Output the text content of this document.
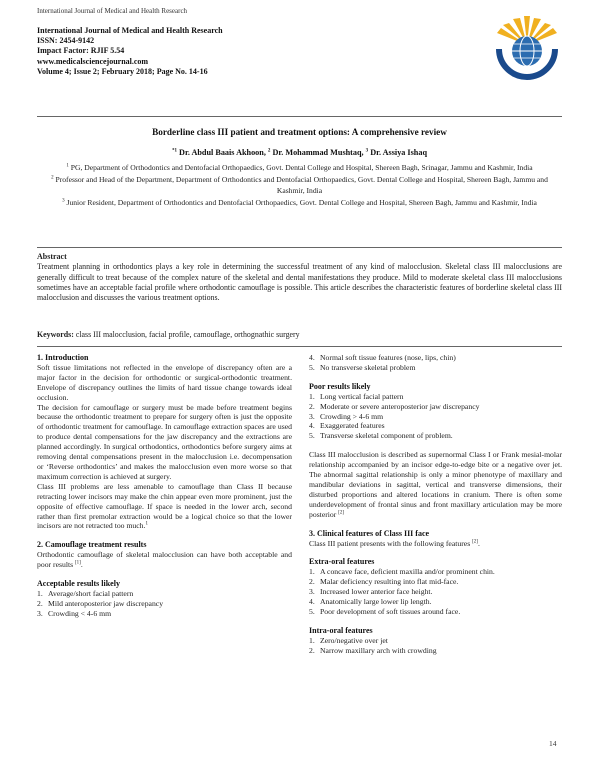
International Journal of Medical and Health Research
International Journal of Medical and Health Research
ISSN: 2454-9142
Impact Factor: RJIF 5.54
www.medicalsciencejournal.com
Volume 4; Issue 2; February 2018; Page No. 14-16
Borderline class III patient and treatment options: A comprehensive review
$^{*1}$ Dr. Abdul Baais Akhoon, $^2$ Dr. Mohammad Mushtaq, $^3$ Dr. Assiya Ishaq

$^1$ PG, Department of Orthodontics and Dentofacial Orthopaedics, Govt. Dental College and Hospital, Shereen Bagh, Srinagar, Jammu and Kashmir, India

$^2$ Professor and Head of the Department, Department of Orthodontics and Dentofacial Orthopaedics, Govt. Dental College and Hospital, Shereen Bagh, Jammu and Kashmir, India

$^3$ Junior Resident, Department of Orthodontics and Dentofacial Orthopaedics, Govt. Dental College and Hospital, Shereen Bagh, Jammu and Kashmir, India

Abstract

Treatment planning in orthodontics plays a key role in determining the successful treatment of any kind of malocclusion. Skeletal class III malocclusions are generally difficult to treat because of the complex nature of the skeletal and dental manifestations they produce. Mild to moderate skeletal class III malocclusions sometimes have an acceptable facial profile where orthodontic camouflage is possible. This article describes the characteristic features of borderline skeletal class III malocclusion and discusses the various treatment options.

Keywords: class III malocclusion, facial profile, camouflage, orthognathic surgery
1. Introduction

Soft tissue limitations not reflected in the envelope of discrepancy often are a major factor in the decision for orthodontic or surgical-orthodontic treatment. Envelope of discrepancy outlines the limits of hard tissue change towards ideal occlusion.

The decision for camouflage or surgery must be made before treatment begins because the orthodontic treatment to prepare for surgery often is just the opposite of orthodontic treatment for camouflage. In camouflage extraction spaces are used to produce dental compensations for the jaw discrepancy and the extractions are planned accordingly. In surgical orthodontics, orthodontics before surgery aims at removing dental compensations present in the malocclusion i.e. decompensation or ‘Reverse orthodontics’ and makes the malocclusion even more worse so that maximum correction is achieved at surgery.

Class III problems are less amenable to camouflage than Class II because retracting lower incisors may make the chin appear even more prominent, just the opposite of effective camouflage. If space is needed in the lower arch, second rather than first premolar extraction would be a logical choice so that the lower incisors are not retracted too much.$^1$

2. Camouflage treatment results

Orthodontic camouflage of skeletal malocclusion can have both acceptable and poor results [1].

Acceptable results likely
1. Average/short facial pattern
2. Mild anteroposterior jaw discrepancy
3. Crowding < 4-6 mm
4. Normal soft tissue features (nose, lips, chin)
5. No transverse skeletal problem
Poor results likely
1. Long vertical facial pattern
2. Moderate or severe anteroposterior jaw discrepancy
3. Crowding > 4-6 mm
4. Exaggerated features
5. Transverse skeletal component of problem.

Class III malocclusion is described as supernormal Class I or Frank mesial-molar relationship accompanied by an incisor edge-to-edge bite or a negative over jet. The abnormal sagittal relationship is only a minor phenotype of maxillary and mandibular deviations in sagittal, vertical and transverse dimensions, their disturbed proportions and altered locations in cranium. There is often some underdevelopment of frontal sinus and front maxillary articulation may be more posterior [2]

3. Clinical features of Class III face

Class III patient presents with the following features [2].

Extra-oral features
1. A concave face, deficient maxilla and/or prominent chin.
2. Malar deficiency resulting into flat mid-face.
3. Increased lower anterior face height.
4. Anatomically large lower lip length.
5. Poor development of soft tissues around face.
Intra-oral features
1. Zero/negative over jet
2. Narrow maxillary arch with crowding
14
